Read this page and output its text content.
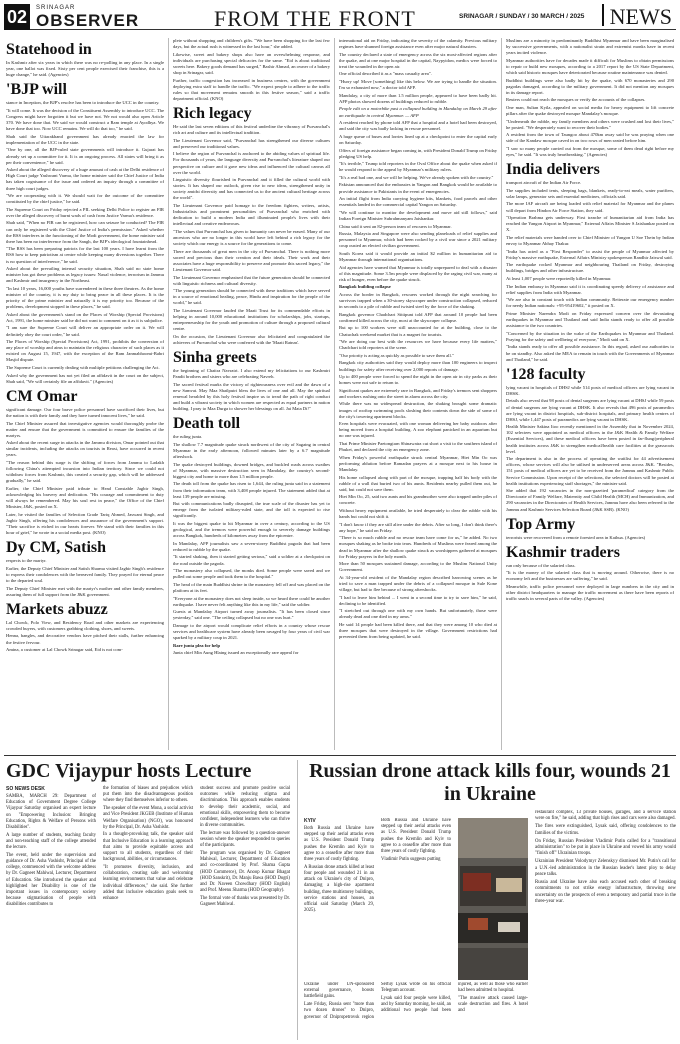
02	SRINAGAR
OBSERVER	FROM THE FRONT	SRINAGAR / SUNDAY / 30 MARCH / 2025	NEWS
Statehood in
In Kashmir after six years in which there was no re-polling in any place. In a single year, one ballot was fixed. Sixty per cent people exercised their franchise, this is a huge change," he said. (Agencies)
'BJP will
stance in Inception, the BJP's resolve has been to introduce the UCC in the country.
"It will come. It was the decision of the Constituent Assembly to introduce UCC. The Congress might have forgotten it but we have not. We not would also open Article 370. We have done that. We said we would construct a Ram temple at Ayodhya. We have done that too. Now UCC remains. We will do that too," he said.
Shah said the Uttarakhand government has already enacted the law for implementation of the UCC in the state.
"One by one, all the BJP-ruled state governments will introduce it. Gujarat has already set up a committee for it. It is an ongoing process. All states will bring it as per their convenience," he said.
Asked about the alleged discovery of a huge amount of cash at the Delhi residence of High Court judge Yashwant Varma, the home minister said the Chief Justice of India has taken cognisance of the issue and ordered an inquiry through a committee of three high court judges.
"We are cooperating with it. We should wait for the outcome of the committee constituted by the chief justice," he said.
The Supreme Court on Friday rejected a PIL seeking Delhi Police to register an FIR over the alleged discovery of burnt wads of cash from Justice Varma's residence.
Shah said, "When no FIR can be registered, how can seizure be conducted? The FIR can only be registered with the Chief Justice of India's permission." Asked whether the RSS interferes in the functioning of the Modi government, the home minister said there has been no interference from the Sangh, the BJP's ideological fountainhead.
"The RSS has been preparing patriots for the last 100 years. I have learnt from the RSS how to keep patriotism at centre while keeping many diversions together. There is no question of interference," he said.
Asked about the prevailing internal security situation, Shah said no state home minister has got these problems as legacy issues: Naxal violence, terrorism in Jammu and Kashmir and insurgency in the Northeast.
"In last 10 years, 16,000 youths have surrendered in these three theatres. As the home minister of the country, it is my duty to bring peace in all these places. It is the priority of the prime minister and naturally it is my priority too. Because of the problems, development stopped in these places," he said.
Asked about the government's stand on the Places of Worship (Special Provisions) Act, 1991, the home minister said he did not want to comment on it as it is subjudice.
"I am sure the Supreme Court will deliver an appropriate order on it. We will definitely obey the court order," he said.
The Places of Worship (Special Provisions) Act, 1991, prohibits the conversion of any place of worship and aims to maintain the religious character of such places as it existed on August 15, 1947, with the exception of the Ram Janmabhoomi-Babri Masjid dispute.
The Supreme Court is currently dealing with multiple petitions challenging the Act.
Asked why the government has not yet filed an affidavit in the court on the subject, Shah said, "We will certainly file an affidavit." (Agencies)
CM Omar
significant damage. Our four brave police personnel have sacrificed their lives, but the nation is with their family and they have turned innocent lives," he said.
The Chief Minister assured that investigative agencies would thoroughly probe the matter and ensure that the government is committed to ensure the families of the martyrs.
Asked about the recent surge in attacks in the Jammu division, Omar pointed out that similar incidents, including the attacks on tourists in Reasi, have occurred in recent years.
"The reason behind this surge is the shifting of forces from Jammu to Ladakh following China's attempted incursion into Indian territory. Since we could not withdraw forces from Kashmir, this created a security gap, which will be addressed gradually," he said.
Earlier, the Chief Minister paid tribute to Head Constable Jagbir Singh, acknowledging his bravery and dedication. "His courage and commitment to duty will always be remembered. May his soul rest in peace," the Office of the Chief Minister, J&K, posted on X.
Later, he visited the families of Selection Grade Tariq Ahmed, Jaswant Singh, and Jagbir Singh, offering his condolences and assurance of the government's support. "Their sacrifice is etched in our hearts forever. We stand with their families in this hour of grief," he wrote in a social media post. (KNO)
Dy CM, Satish
respects to the martyr.
Earlier, the Deputy Chief Minister and Satish Sharma visited Jagbir Singh's residence to express their condolences with the bereaved family. They prayed for eternal peace to the departed soul.
The Deputy Chief Minister met with the martyr's mother and other family members, assuring them of full support from the J&K government.
Markets abuzz
Lal Chowk, Polo View, and Residency Road and other markets are experiencing crowded buyers, with customers grabbing clothing, shoes, and sweets.
Henna, bangles, and decorative vendors have pitched their stalls, further enhancing the festive fervour.
Amina, a customer at Lal Chowk Srinagar said, Eid is not com-
plete without shopping and children's gifts. "We have been shopping for the last few days, but the actual rush is witnessed in the last hour," she added.
Likewise, sweet and bakery shops also have an overwhelming response, and individuals are purchasing special delicacies for the same. "Eid is about traditional sweets here. Bakery goods demand has surged," Bashir Ahmad, an owner of a bakery shop in Srinagar, said.
Further, traffic congestion has increased in business centres, with the government deploying extra staff to handle the traffic. "We expect people to adhere to the traffic rules so that movement remains smooth in this festive season," said a traffic department official. (KNO)
Rich legacy
He said the last seven editions of this festival underline the vibrancy of Purvanchal's rich art and culture and its intellectual tradition.
The Lieutenant Governor said, "Purvanchal has strengthened our diverse cultures and preserved our traditional values.
I believe the region of Purvanchal is anchored to the abiding values of spiritual life. For thousands of years, the language diversity and Purvanchal's literature shaped our perspective on culture and it gave new ideas and influenced the cultural canvas all over the world.
Linguistic diversity flourished in Purvanchal and it filled the cultural world with stories. It has shaped our outlook, given rise to new ideas, strengthened unity in society amidst diversity and has connected us to the ancient cultural heritage across the world".
The Lieutenant Governor paid homage to the freedom fighters, writers, artists, Industrialists and prominent personalities of Purvanchal who enriched with dedication to build a modern India and illuminated people's lives with their intellectual and creative endeavours.
"The values that Purvanchal has given to humanity can never be erased. Many of our ancestors who are no longer in this world have left behind a rich legacy for the society which our energy is a source for the generations to come.
There are thousands of great men in the city of Purvanchal. There is nothing more sacred and precious than their creation and their ideals. Their work and their associates have a huge responsibility to preserve and promote this sacred legacy," the Lieutenant Governor said.
The Lieutenant Governor emphasised that the future generation should be connected with linguistic richness and cultural diversity.
"The young generation should be connected with these traditions which have served in a source of emotional healing, peace, Hindu and inspiration for the people of the world," he said.
The Lieutenant Governor lauded the Maati Trust for its commendable efforts in helping in around 10,000 educational institutions for scholarships, jobs, startups, entrepreneurship for the youth and promotion of culture through a proposed cultural centre.
On the occasion, the Lieutenant Governor also felicitated and congratulated the achievers of Purvanchal who were conferred with the 'Maati Ratnas'.
Sinha greets
the beginning of Chaitra Navratri. I also extend my felicitations to our Kashmiri Pandit brothers and sisters who are celebrating Navreh.
The sacred festival marks the victory of righteousness over evil and the dawn of a new Samvat. May Maa Shailputri bless the lives of one and all. May the spiritual renewal heralded by this holy festival inspire us to tread the path of right conduct and build a vibrant society in which women are respected as equal partners in nation building. I pray to Maa Durga to shower her blessings on all. Jai Mata Di!"
Death toll
the ruling junta.
The shallow 7.7 magnitude quake struck northwest of the city of Sagaing in central Myanmar in the early afternoon, followed minutes later by a 6.7 magnitude aftershock.
The quake destroyed buildings, downed bridges, and buckled roads across swathes of Myanmar, with massive destruction seen in Mandalay, the country's second-biggest city and home to more than 1.5 million people.
The death toll from the quake has risen to 1,644, the ruling junta said in a statement from their information team, with 3,408 people injured. The statement added that at least 139 people are missing.
But with communications badly disrupted, the true scale of the disaster has yet to emerge from the isolated military-ruled state, and the toll is expected to rise significantly.
It was the biggest quake to hit Myanmar in over a century, according to the US geological, and the tremors were powerful enough to severely damage buildings across Bangkok, hundreds of kilometres away from the epicentre.
In Mandalay, AFP journalists saw a seven-storey Buddhist pagoda that had been reduced to rubble by the quake.
"It started shaking, then it started getting serious," said a soldier at a checkpoint on the road outside the pagoda.
"The monastery also collapsed, the monks died. Some people were saved and we pulled out some people and took them to the hospital."
The head of the main Buddhist shrine in the monastery fell off and was placed on the platform at its feet.
"Everyone at the monastery does not sleep inside, so we heard there could be another earthquake. I have never felt anything like this in my life," said the soldier.
Guests at Mandalay Airport turned away journalists. "It has been closed since yesterday," said one. "The ceiling collapsed but no one was hurt."
Damage to the airport would complicate relief efforts in a country whose rescue services and healthcare system have already been ravaged by four years of civil war sparked by a military coup in 2021.
Rare junta plea for help
Junta chief Min Aung Hlaing issued an exceptionally rare appeal for
international aid on Friday, indicating the severity of the calamity. Previous military regimes have shunned foreign assistance even after major natural disasters.
The country declared a state of emergency across the six most-affected regions after the quake, and at one major hospital in the capital, Naypyidaw, medics were forced to treat the wounded in the open air.
One official described it as a "mass casualty area".
"Hurry up! Move [something] like this below. We are trying to handle the situation. I'm so exhausted now," a doctor told AFP.
Mandalay, a city of more than 1.5 million people, appeared to have been badly hit. AFP photos showed dozens of buildings reduced to rubble.
People edit on a motorbike past a collapsed building in Mandalay on March 29 after an earthquake in central Myanmar. — AFP
A resident reached by phone told AFP that a hospital and a hotel had been destroyed, and said the city was badly lacking in rescue personnel.
A huge queue of buses and lorries lined up at a checkpoint to enter the capital early on Saturday.
Offers of foreign assistance began coming in, with President Donald Trump on Friday pledging US help.
"It's terrible," Trump told reporters in the Oval Office about the quake when asked if he would respond to the appeal by Myanmar's military rulers.
"It's a real bad one, and we will be helping. We've already spoken with the country."
Pakistan announced that the embassies in Yangon and Bangkok would be available to provide assistance to Pakistanis in the event of emergencies.
An initial flight from India carrying hygiene kits, blankets, food parcels and other essentials landed in the commercial capital Yangon on Saturday.
"We will continue to monitor the development and move aid still follows," said Indian Foreign Minister Subrahmanyam Jaishankar.
China said it sent an 82-person team of rescuers to Myanmar.
Russia, Malaysia and Singapore were also sending planeloads of relief supplies and personnel to Myanmar, which had been rocked by a civil war since a 2021 military coup ousted an elected civilian government.
South Korea said it would provide an initial $2 million in humanitarian aid to Myanmar through international organisations.
Aid agencies have warned that Myanmar is totally unprepared to deal with a disaster of this magnitude. Some 3.5m people were displaced by the raging civil war, many at risk of hunger, even before the quake struck.
Bangkok building collapse
Across the border in Bangkok, rescuers worked through the night searching for survivors trapped when a 30-storey skyscraper under construction collapsed, reduced in seconds to a pile of rubble and twisted steel by the force of the shaking.
Bangkok governor Chadchart Sittipunt told AFP that around 10 people had been confirmed killed across the city, most at the skyscraper collapse.
But up to 100 workers were still unaccounted for at the building, close to the Chatuchak weekend market that is a magnet for tourists.
"We are doing our best with the resources we have because every life matters," Chadchart told reporters at the scene.
"Our priority is acting as quickly as possible to save them all."
Bangkok city authorities said they would deploy more than 100 engineers to inspect buildings for safety after receiving over 2,000 reports of damage.
Up to 400 people were forced to spend the night in the open air in city parks as their homes were not safe to return to.
Significant quakes are extremely rare in Bangkok, and Friday's tremors sent shoppers and workers rushing onto the street in alarm across the city.
While there was no widespread destruction, the shaking brought some dramatic images of rooftop swimming pools sloshing their contents down the side of some of the city's towering apartment blocks.
Even hospitals were evacuated, with one woman delivering her baby outdoors after being moved from a hospital building. A zoo elephant panicked in an aquarium but no one was injured.
Thai Prime Minister Paetongtarn Shinawatra cut short a visit to the southern island of Phuket, and declared the city an emergency zone.
When Friday's powerful earthquake struck central Myanmar, Htet Min Oo was performing ablution before Ramadan prayers at a mosque next to his house in Mandalay.
His home collapsed along with part of the mosque, trapping half his body with the rubble of a wall that buried two of his aunts. Residents nearby pulled them out, he said, but could not save them.
Htet Min Oo, 25, said two aunts and his grandmother were also trapped under piles of concrete.
Without heavy equipment available, he tried desperately to clear the rubble with his hands but could not shift it.
"I don't know if they are still alive under the debris. After so long, I don't think there's any hope," he said on Friday.
"There is so much rubble and no rescue team have come for us," he added. No two mosques shaking as he broke into tears. Hundreds of Muslims were feared among the dead in Myanmar after the shallow quake struck as worshippers gathered at mosques for Friday prayers in the holy month.
More than 50 mosques sustained damage, according to the Muslim National Unity Government.
At 34-year-old resident of the Mandalay region described harrowing scenes as he tried to save a man trapped under the debris of a collapsed mosque in Sule Kone village, but had to flee because of strong aftershocks.
"I had to leave him behind ... I went in a second time to try to save him," he said, declining to be identified.
"I stretched out through one with my own hands. But unfortunately, those were already dead and one died in my arms."
He said 14 people had been killed there, and that they were among 10 who died at three mosques that were destroyed in the village. Government restrictions had prevented them from being updated, he said.
Muslims are a minority in predominantly Buddhist Myanmar and have been marginalised by successive governments, with a nationalist strain and extremist monks have in recent years incited violence.
Myanmar authorities have for decades made it difficult for Muslims to obtain permissions to repair or build new mosques, according to a 2017 report by the US State Department, which said historic mosques have deteriorated because routine maintenance was denied.
Buddhist buildings were also badly hit by the quake, with 670 monasteries and 290 pagodas damaged, according to the military government. It did not mention any mosques in its damage report.
Reuters could not reach the mosques or verify the accounts of the collapses.
One man, Sultan Kyila, appealed on social media for heavy equipment to lift concrete pillars after the quake destroyed mosque Mandalay's mosque.
"Underneath the rubble, my family members and others were crushed and lost their lives," he posted. "We desperately want to recover their bodies."
A resident from the town of Taungoo about 470km away said he was praying when one side of the Kandaw mosque caved in on two rows of men seated before him.
"I saw so many people carried out from the mosque, some of them dead right before my eyes," he said. "It was truly heartbreaking." (Agencies)
India delivers
transport aircraft of the Indian Air Force.
The supplies included tents, sleeping bags, blankets, ready-to-eat meals, water purifiers, solar lamps, generator sets and essential medicines, officials said.
The more IAF aircraft are being loaded with relief material for Myanmar and the planes will depart from Hindon Air Force Station, they said.
"Operation Brahma gets underway. First tranche of humanitarian aid from India has reached the Yangon Airport in Myanmar," External Affairs Minister S Jaishankar posted on X.
The relief materials were handed over to Chief Minister of Yangon U Soe Thein by Indian envoy to Myanmar Abhay Thakur.
"India has acted as a "First Responder" to assist the people of Myanmar affected by Friday's massive earthquake, External Affairs Ministry spokesperson Randhir Jaiswal said.
The earthquake rocked Myanmar and neighbouring Thailand on Friday, destroying buildings, bridges and other infrastructure.
At least 1,007 people were reportedly killed in Myanmar.
The Indian embassy in Myanmar said it is coordinating speedy delivery of assistance and relief supplies from India with Myanmar.
"We are also in constant touch with Indian community. Reiterate our emergency number for needy Indian nationals: +95-95419602," it posted on X.
Prime Minister Narendra Modi on Friday expressed concern over the devastating earthquakes in Myanmar and Thailand and said India stands ready to offer all possible assistance to the two countries.
"Concerned by the situation in the wake of the Earthquakes in Myanmar and Thailand. Praying for the safety and wellbeing of everyone," Modi said on X.
"India stands ready to offer all possible assistance. In this regard, asked our authorities to be on standby. Also asked the MEA to remain in touch with the Governments of Myanmar and Thailand," he said.
'128 faculty
lying vacant in hospitals of DHSJ while 514 posts of medical officers are lying vacant in DHSK.
Details also reveal that 98 posts of dental surgeons are lying vacant at DHSJ while 59 posts of dental surgeons are lying vacant at DHSK. It also reveals that 496 posts of paramedics are lying vacant in district hospitals, sub-district hospitals, and primary health centres of DHSJ, while 1,447 posts of paramedics are lying vacant in DHSK.
Health Minister Sakina Itoo recently mentioned in the Assembly that in November 2024, 102 selectees were appointed as medical officers in the J&K Health & Family Welfare (Essential Services), and these medical officers have been posted in far-flung/peripheral health institutes across J&K to strengthen medical/health care facilities at the grassroots level.
The department is also in the process of operating the waitlist for 44 advertisement officers, whose services will also be utilised in underserved areas across J&K. "Besides, 151 posts of medical officers are yet to be received from the Jammu and Kashmir Public Service Commission. Upon receipt of the selections, the selected doctors will be posted at health institutions experiencing staff shortages," the minister said.
She added that 192 vacancies in the non-gazetted 'paramedical' category from the Directorate of Family Welfare, Maternity and Child Health (MCH) and Immunization, and 290 vacancies in the Directorates of Health Services, Jammu have also been referred to the Jammu and Kashmir Services Selection Board (J&K SSB). (KNO)
Top Army
terrorists were recovered from a remote forested area in Kathua. (Agencies)
Kashmir traders
run only because of the salaried class.
"It is the money of the salaried class that is moving around. Otherwise, there is no economy left and the businesses are suffering," he said.
Meanwhile, traffic police personnel were deployed in large numbers in the city and in other district headquarters to manage the traffic movement as there have been reports of traffic snarls in several parts of the valley. (Agencies)
GDC Vijaypur hosts Lecture
SO NEWS DESK
SAMBA, MARCH 29: Department of Education of Government Degree College Vijaypur Saturday organised an expert lecture on "Empowering Inclusion: Bringing Education, Rights & Welfare of Persons with Disabilities".
A large number of students, teaching faculty and non-teaching staff of the college attended the lecture.
The event, held under the supervision and guidance of Dr. Asha Vashisht, Principal of the college, commenced with the welcome address by Dr. Gagneet Mahiwal, Lecturer, Department of Education. She introduced the speaker and highlighted her Disability is one of the important issues in contemporary society because stigmatisation of people with disabilities contributes to
the formation of biases and prejudices which put them into the disadvantageous position where they find themselves inferior to others.
The speaker of the event Mona, a social activist and Vice President JKGEB (Institute of Human Welfare Organisation) (NGO), was honoured by the Principal, Dr. Asha Vashisht.
In a thought-provoking talk, the speaker said that Inclusive Education is a learning approach that aims to provide equitable access and support to all students, regardless of their background, abilities, or circumstances.
"It promotes diversity, inclusion, and collaboration, creating safe and welcoming learning environments that value and celebrate individual differences," she said. She further added that inclusive education goals seek to enhance
student success and promote positive social outcomes while reducing stigma and discrimination. This approach enables students to develop their academic, social, and emotional skills, empowering them to become confident, independent learners who can thrive in diverse communities.
The lecture was followed by a question-answer session where the speaker responded to queries of the participants.
The program was organised by Dr. Gagneet Mahiwal, Lecturer, Department of Education and co-coordinated by Prof. Shama Gupta (HOD Commerce), Dr. Anoop Kumar Bhagat (HOD Sanskrit), Dr. Manju Bawa (HOD Dogri) and Dr. Naveen Chowdhary (HOD English) and Prof. Meenu Sharma (HOD Geography).
The formal vote of thanks was presented by Dr. Gagneet Mahiwal.
Russian drone attack kills four, wounds 21 in Ukraine
KYIV
Both Russia and Ukraine have stepped up their aerial attacks even as U.S. President Donald Trump pushes the Kremlin and Kyiv to agree to a ceasefire after more than three years of costly fighting.
A Russian drone attack killed at least four people and wounded 21 in an attack on Ukraine's city of Dnipro, damaging a high-rise apartment building, three multistorey buildings, service stations and houses, an official said Saturday (March 29, 2025).
Both Russia and Ukraine have stepped up their aerial attacks even as U.S. President Donald Trump pushes the Kremlin and Kyiv to agree to a ceasefire after more than three years of costly fighting.
Vladimir Putin suggests putting
Ukraine under UN-sponsored external governance, boosts battlefield gains.
Late Friday, Russia sent "more than two dozen drones" to Dnipro, governor of Dnipropetrovsk region Serhiy Lysak wrote on his official Telegram account.
Lysak said four people were killed, and by Saturday morning, he said, an additional two people had been injured, as well as those who earlier had been admitted to hospital.
"The massive attack caused large-scale destruction and fires. A hotel and
restaurant complex, 13 private houses, garages, and a service station were on fire," he said, adding that high rises and cars were also damaged.
The fires were extinguished, Lysak said, offering condolences to the families of the victims.
On Friday, Russian President Vladimir Putin called for a "transitional administration" to be put in place in Ukraine and vowed his army would "finish off" Ukrainian troops.
Ukrainian President Volodymyr Zelenskyy dismissed Mr. Putin's call for a U.N.-led administration in the Russian leader's latest ploy to delay peace talks.
Russia and Ukraine have also each accused each other of breaking commitments to not strike energy infrastructure, throwing new uncertainty on the prospects of even a temporary and partial truce in the three-year war.
